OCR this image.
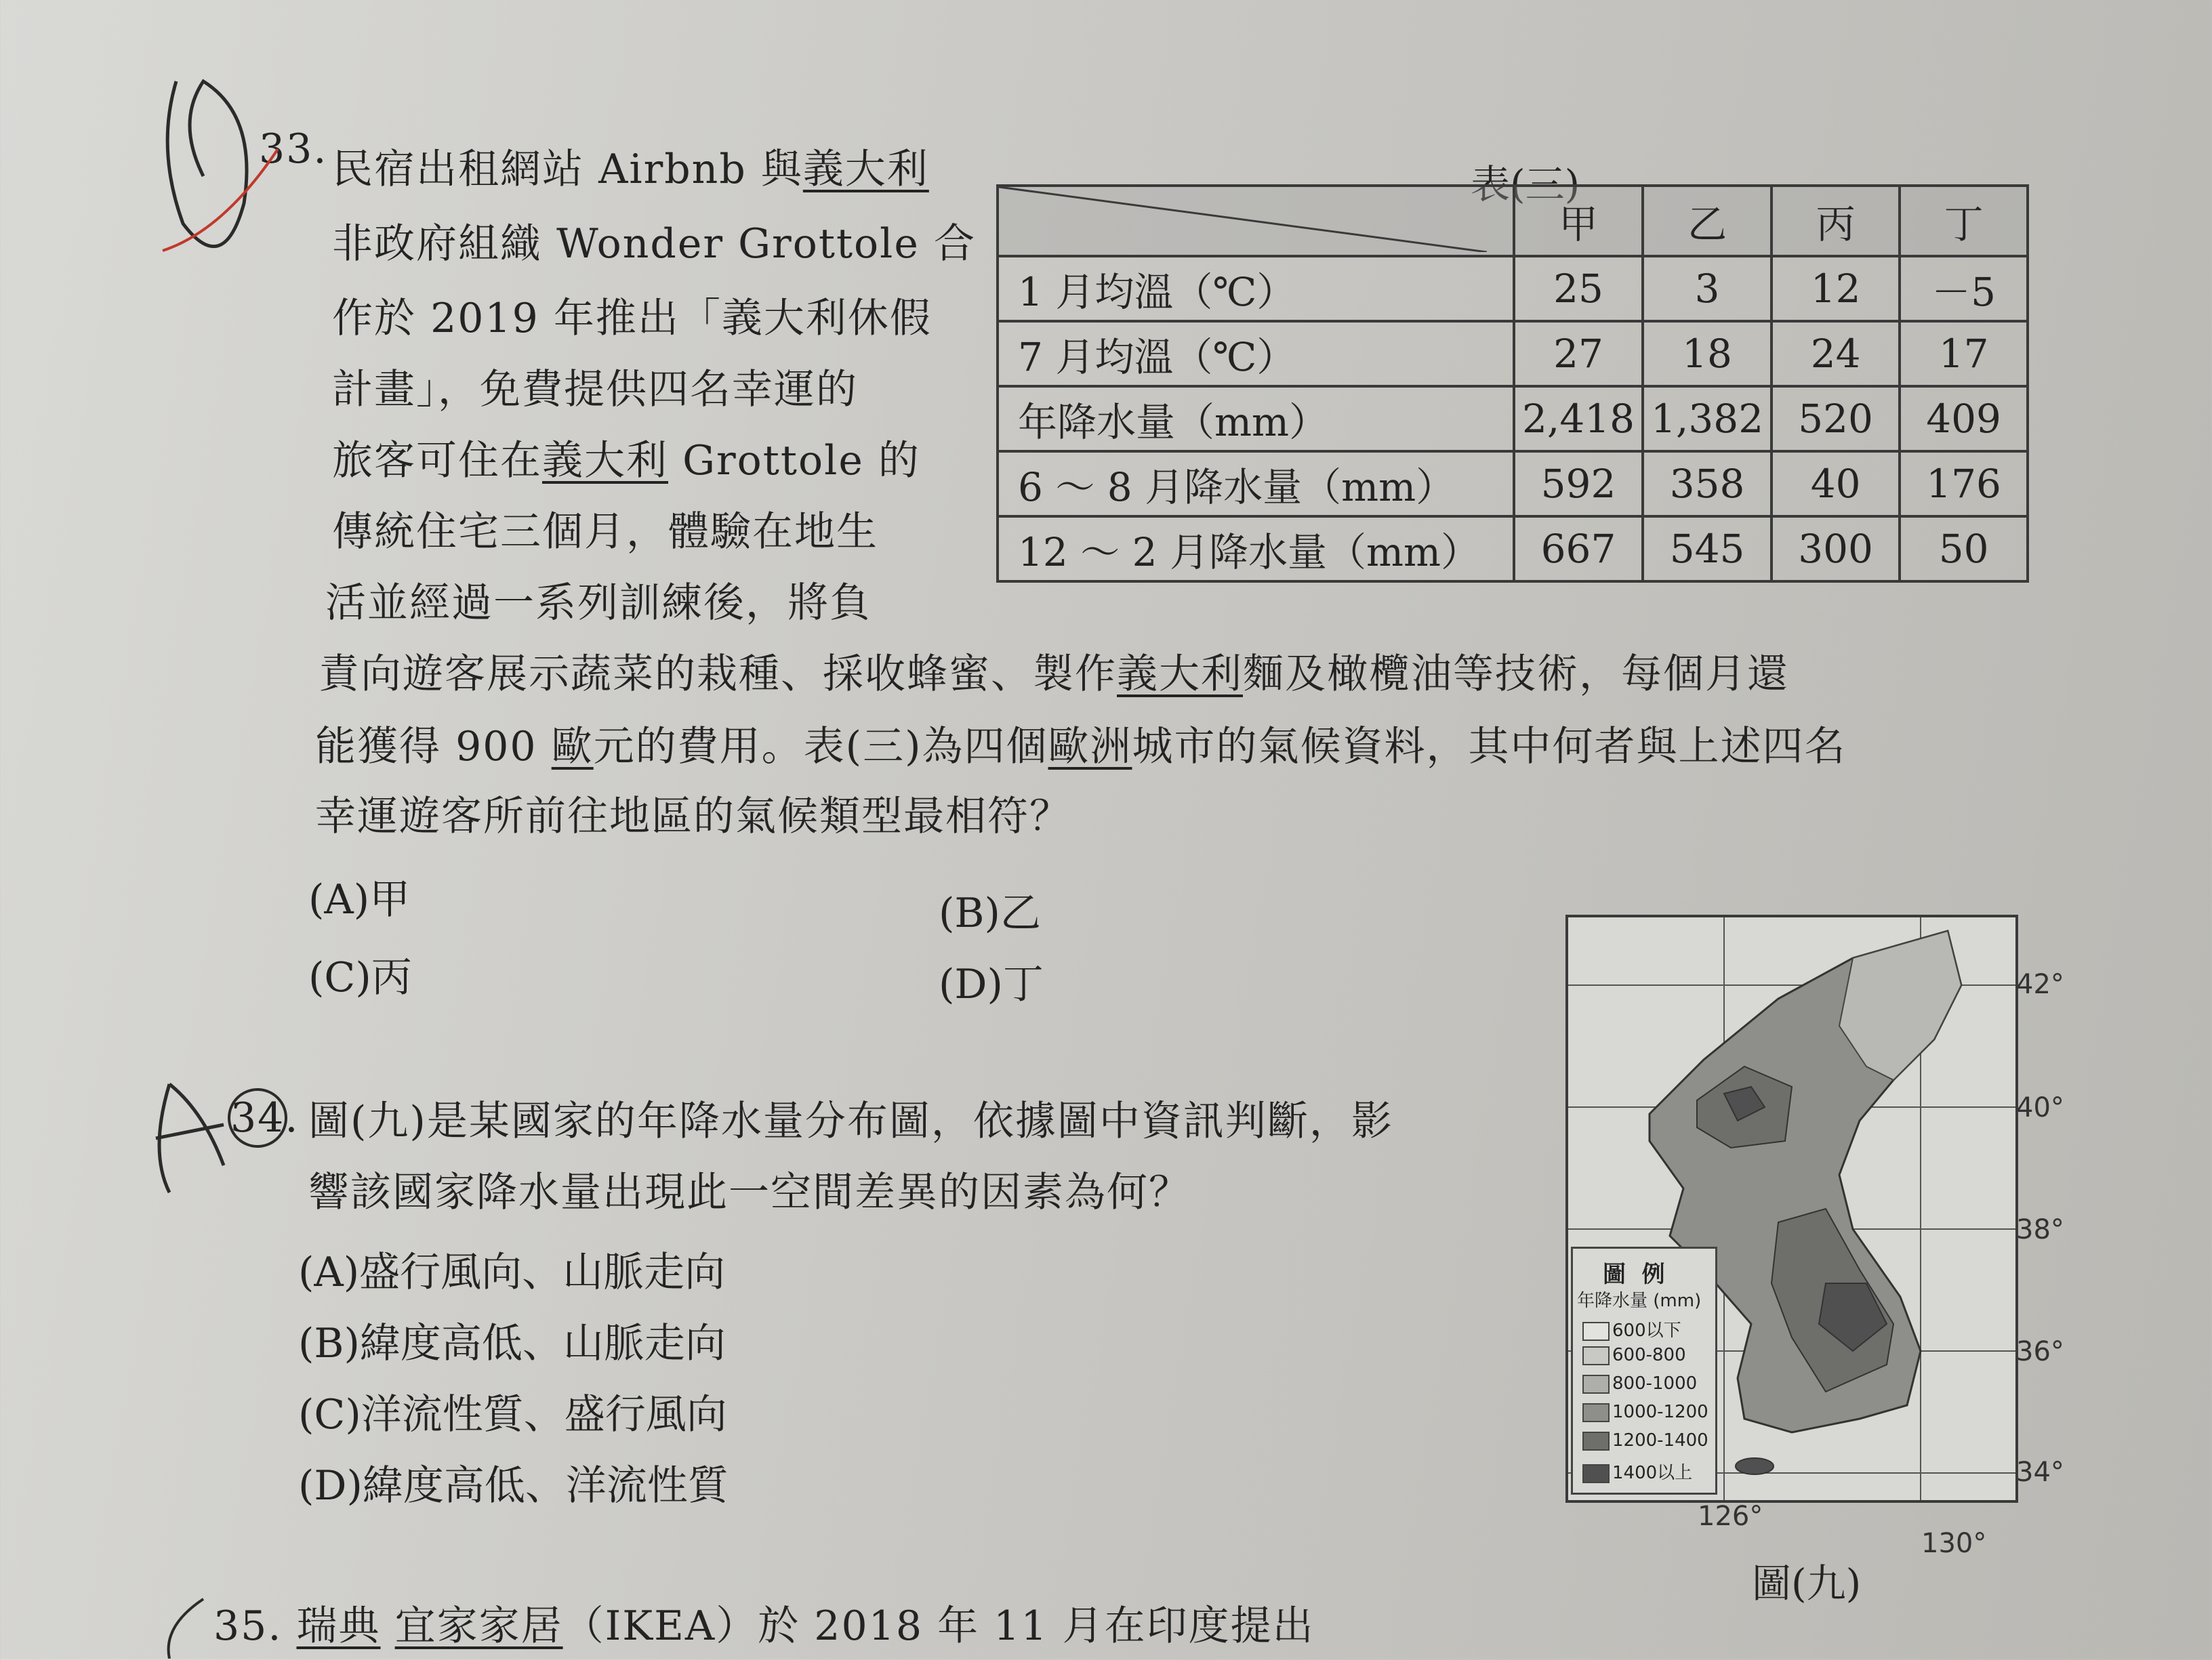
33. 民宿出租網站 Airbnb 與義大利
非政府組織 Wonder Grottole 合
作於 2019 年推出「義大利休假
計畫」，免費提供四名幸運的
旅客可住在義大利 Grottole 的
傳統住宅三個月，體驗在地生
活並經過一系列訓練後，將負
責向遊客展示蔬菜的栽種、採收蜂蜜、製作義大利麵及橄欖油等技術，每個月還
能獲得 900 歐元的費用。表(三)為四個歐洲城市的氣候資料，其中何者與上述四名
幸運遊客所前往地區的氣候類型最相符？
(A)甲	(B)乙
(C)丙	(D)丁
表(三)
	甲	乙	丙	丁
1 月均溫（℃）	25	3	12	－5
7 月均溫（℃）	27	18	24	17
年降水量（mm）	2,418	1,382	520	409
6 ～ 8 月降水量（mm）	592	358	40	176
12 ～ 2 月降水量（mm）	667	545	300	50
34. 圖(九)是某國家的年降水量分布圖，依據圖中資訊判斷，影
響該國家降水量出現此一空間差異的因素為何？
(A)盛行風向、山脈走向
(B)緯度高低、山脈走向
(C)洋流性質、盛行風向
(D)緯度高低、洋流性質
42°
40°
38°
36°
34°
126°
130°
圖(九)
圖  例
年降水量 (mm)
600以下
600-800
800-1000
1000-1200
1200-1400
1400以上
35. 瑞典 宜家家居（IKEA）於 2018 年 11 月在印度提出
